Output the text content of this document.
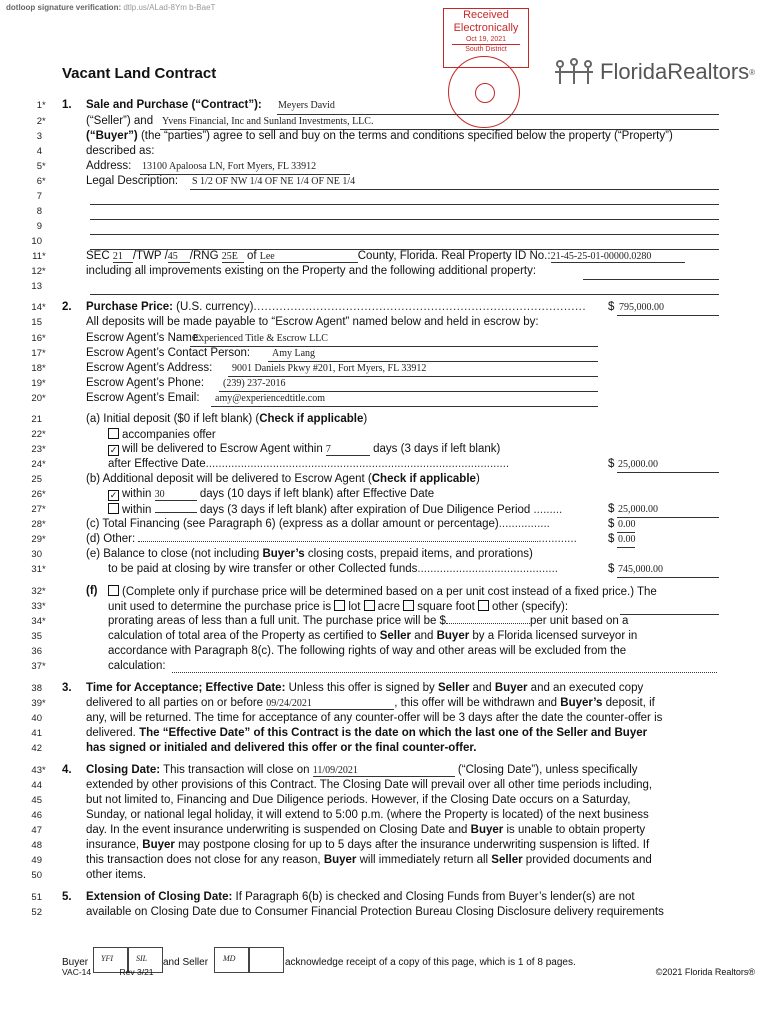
dotloop signature verification: dtlp.us/ALad-8Ym b-BaeT
Received
Electronically
Oct 19, 2021
South District
FloridaRealtors ®
Vacant Land Contract
1*
2*
3
4
5*
6*
7
8
9
10
11*
12*
13
14*
15
16*
17*
18*
19*
20*
21
22*
23*
24*
25
26*
27*
28*
29*
30
31*
32*
33*
34*
35
36
37*
38
39*
40
41
42
43*
44
45
46
47
48
49
50
51
52
1. Sale and Purchase (“Contract”): Meyers David
(“Seller”) and Yvens Financial, Inc and Sunland Investments, LLC.
(“Buyer”) (the “parties”) agree to sell and buy on the terms and conditions specified below the property (“Property”)
described as:
Address: 13100 Apaloosa LN, Fort Myers, FL 33912
Legal Description: S 1/2 OF NW 1/4 OF NE 1/4 OF NE 1/4
SEC 21 /TWP /45 /RNG 25E of Lee	County, Florida. Real Property ID No.:21-45-25-01-00000.0280
including all improvements existing on the Property and the following additional property:
2. Purchase Price: (U.S. currency).......................................................................................... $ 795,000.00
All deposits will be made payable to “Escrow Agent” named below and held in escrow by:
Escrow Agent’s Name:
Experienced Title & Escrow LLC
Escrow Agent’s Contact Person: Amy Lang
Escrow Agent’s Address: 9001 Daniels Pkwy #201, Fort Myers, FL 33912
Escrow Agent’s Phone: (239) 237-2016
Escrow Agent’s Email: amy@experiencedtitle.com
(a) Initial deposit ($0 if left blank) (Check if applicable)
accompanies offer
✓will be delivered to Escrow Agent within 7	days (3 days if left blank)
after Effective Date...............................................................................................	$ 25,000.00
(b) Additional deposit will be delivered to Escrow Agent (Check if applicable)
✓within 30	days (10 days if left blank) after Effective Date
within	days (3 days if left blank) after expiration of Due Diligence Period .........	$ 25,000.00
(c) Total Financing (see Paragraph 6) (express as a dollar amount or percentage)................	$ 0.00
(d) Other:	............	$ 0.00
(e) Balance to close (not including Buyer’s closing costs, prepaid items, and prorations)
to be paid at closing by wire transfer or other Collected funds............................................	$ 745,000.00
(f)	(Complete only if purchase price will be determined based on a per unit cost instead of a fixed price.) The
unit used to determine the purchase price is lot acre square foot other (specify):
prorating areas of less than a full unit. The purchase price will be $	per unit based on a
calculation of total area of the Property as certified to Seller and Buyer by a Florida licensed surveyor in
accordance with Paragraph 8(c). The following rights of way and other areas will be excluded from the
calculation:
3. Time for Acceptance; Effective Date: Unless this offer is signed by Seller and Buyer and an executed copy
delivered to all parties on or before 09/24/2021	, this offer will be withdrawn and Buyer’s deposit, if
any, will be returned. The time for acceptance of any counter-offer will be 3 days after the date the counter-offer is
delivered. The “Effective Date” of this Contract is the date on which the last one of the Seller and Buyer
has signed or initialed and delivered this offer or the final counter-offer.
4. Closing Date: This transaction will close on 11/09/2021	(“Closing Date”), unless specifically
extended by other provisions of this Contract. The Closing Date will prevail over all other time periods including,
but not limited to, Financing and Due Diligence periods. However, if the Closing Date occurs on a Saturday,
Sunday, or national legal holiday, it will extend to 5:00 p.m. (where the Property is located) of the next business
day. In the event insurance underwriting is suspended on Closing Date and Buyer is unable to obtain property
insurance, Buyer may postpone closing for up to 5 days after the insurance underwriting suspension is lifted. If
this transaction does not close for any reason, Buyer will immediately return all Seller provided documents and
other items.
5. Extension of Closing Date: If Paragraph 6(b) is checked and Closing Funds from Buyer’s lender(s) are not
available on Closing Date due to Consumer Financial Protection Bureau Closing Disclosure delivery requirements
Buyer YFI	SIL and Seller MD	acknowledge receipt of a copy of this page, which is 1 of 8 pages.
VAC-14	Rev 3/21	©2021 Florida Realtors®
